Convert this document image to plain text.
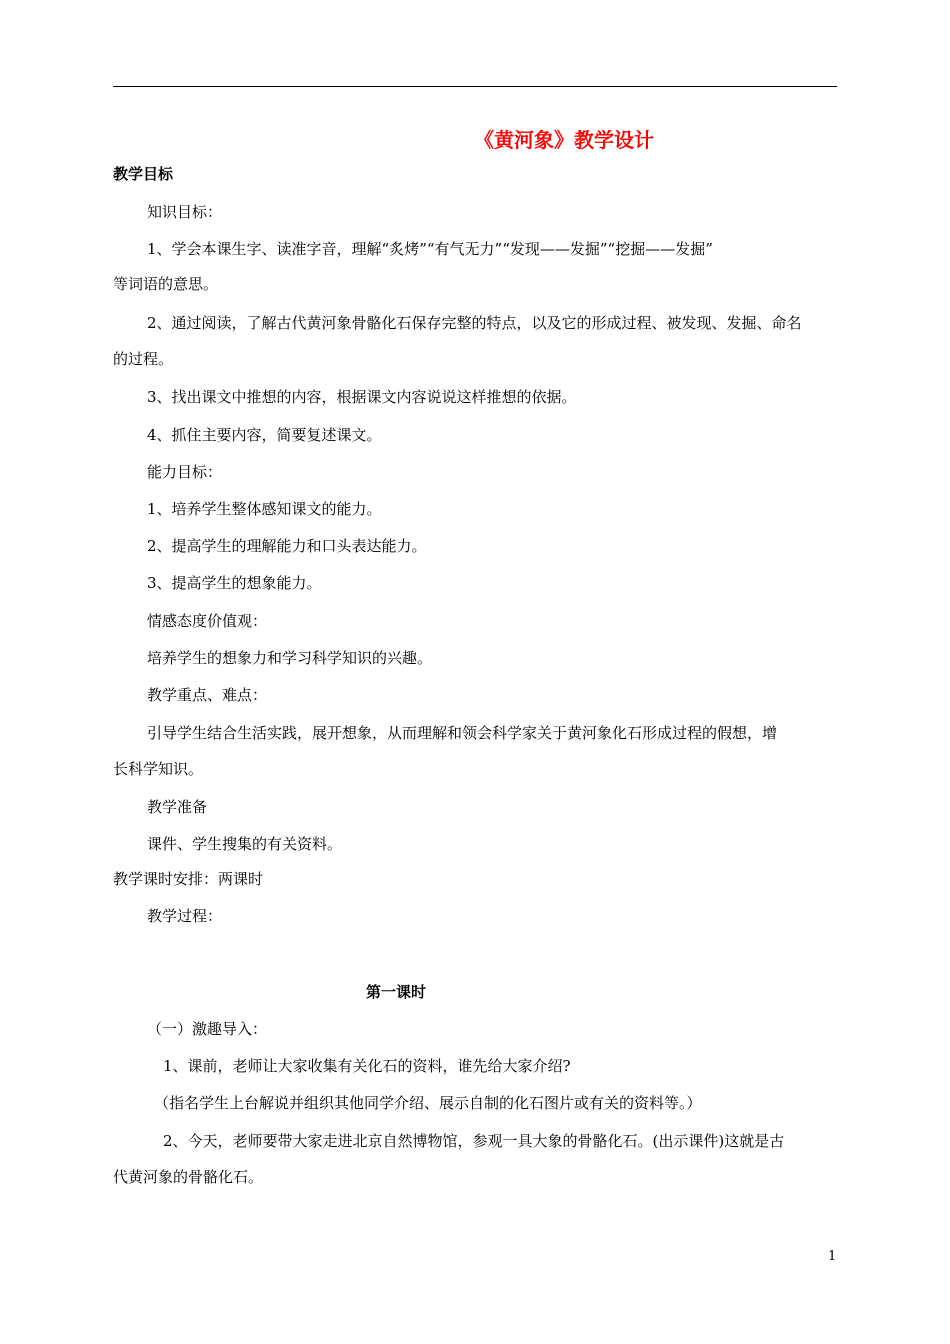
《黄河象》教学设计
教学目标
知识目标：
1、学会本课生字、读准字音，理解“炙烤”“有气无力”“发现——发掘”“挖掘——发掘”
等词语的意思。
2、通过阅读，了解古代黄河象骨骼化石保存完整的特点，以及它的形成过程、被发现、发掘、命名
的过程。
3、找出课文中推想的内容，根据课文内容说说这样推想的依据。
4、抓住主要内容，简要复述课文。
能力目标：
1、培养学生整体感知课文的能力。
2、提高学生的理解能力和口头表达能力。
3、提高学生的想象能力。
情感态度价值观：
培养学生的想象力和学习科学知识的兴趣。
教学重点、难点：
引导学生结合生活实践，展开想象，从而理解和领会科学家关于黄河象化石形成过程的假想，增
长科学知识。
教学准备
课件、学生搜集的有关资料。
教学课时安排：两课时
教学过程：
第一课时
（一）激趣导入：
1、课前，老师让大家收集有关化石的资料，谁先给大家介绍?
（指名学生上台解说并组织其他同学介绍、展示自制的化石图片或有关的资料等。）
2、今天，老师要带大家走进北京自然博物馆，参观一具大象的骨骼化石。(出示课件)这就是古
代黄河象的骨骼化石。
1
